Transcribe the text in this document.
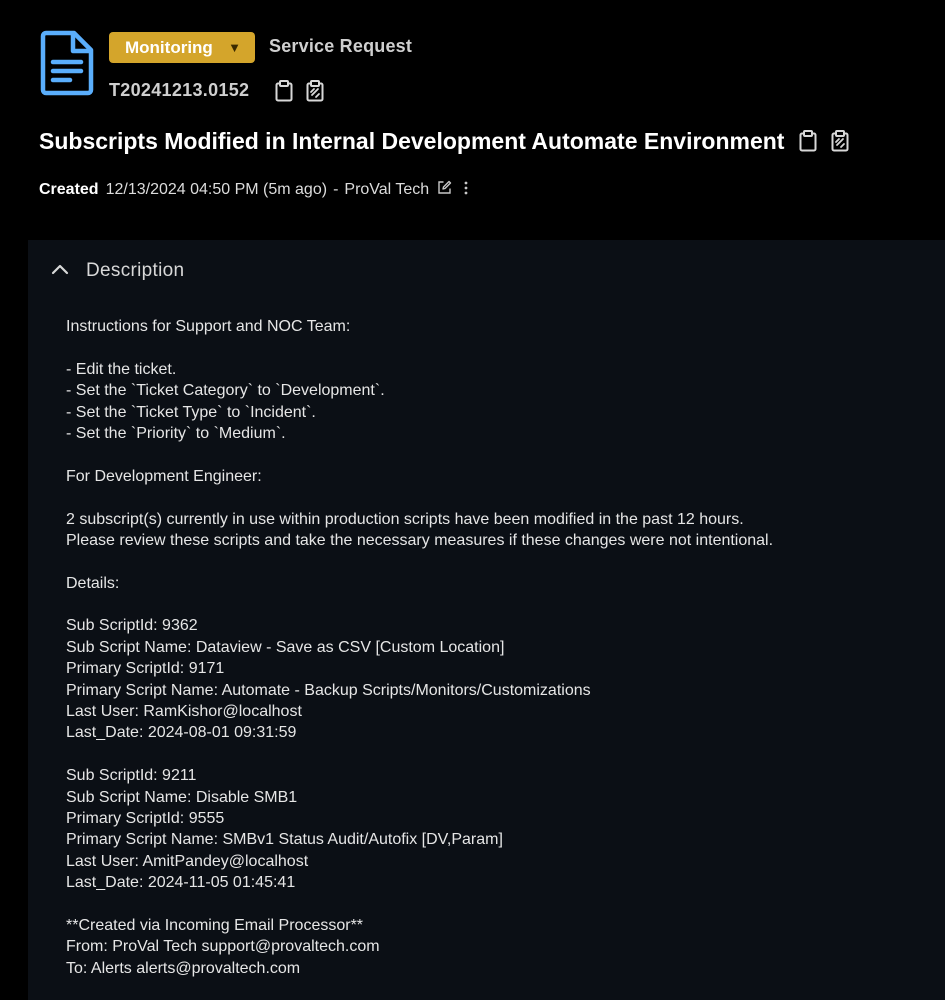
Monitoring	▼ Service Request
T20241213.0152
Subscripts Modified in Internal Development Automate Environment
Created 12/13/2024 04:50 PM (5m ago) - ProVal Tech
Description
Instructions for Support and NOC Team:
- Edit the ticket.
- Set the `Ticket Category` to `Development`.
- Set the `Ticket Type` to `Incident`.
- Set the `Priority` to `Medium`.
For Development Engineer:
2 subscript(s) currently in use within production scripts have been modified in the past 12 hours.
Please review these scripts and take the necessary measures if these changes were not intentional.
Details:
Sub ScriptId: 9362
Sub Script Name: Dataview - Save as CSV [Custom Location]
Primary ScriptId: 9171
Primary Script Name: Automate - Backup Scripts/Monitors/Customizations
Last User: RamKishor@localhost
Last_Date: 2024-08-01 09:31:59
Sub ScriptId: 9211
Sub Script Name: Disable SMB1
Primary ScriptId: 9555
Primary Script Name: SMBv1 Status Audit/Autofix [DV,Param]
Last User: AmitPandey@localhost
Last_Date: 2024-11-05 01:45:41
**Created via Incoming Email Processor**
From: ProVal Tech support@provaltech.com
To: Alerts alerts@provaltech.com
